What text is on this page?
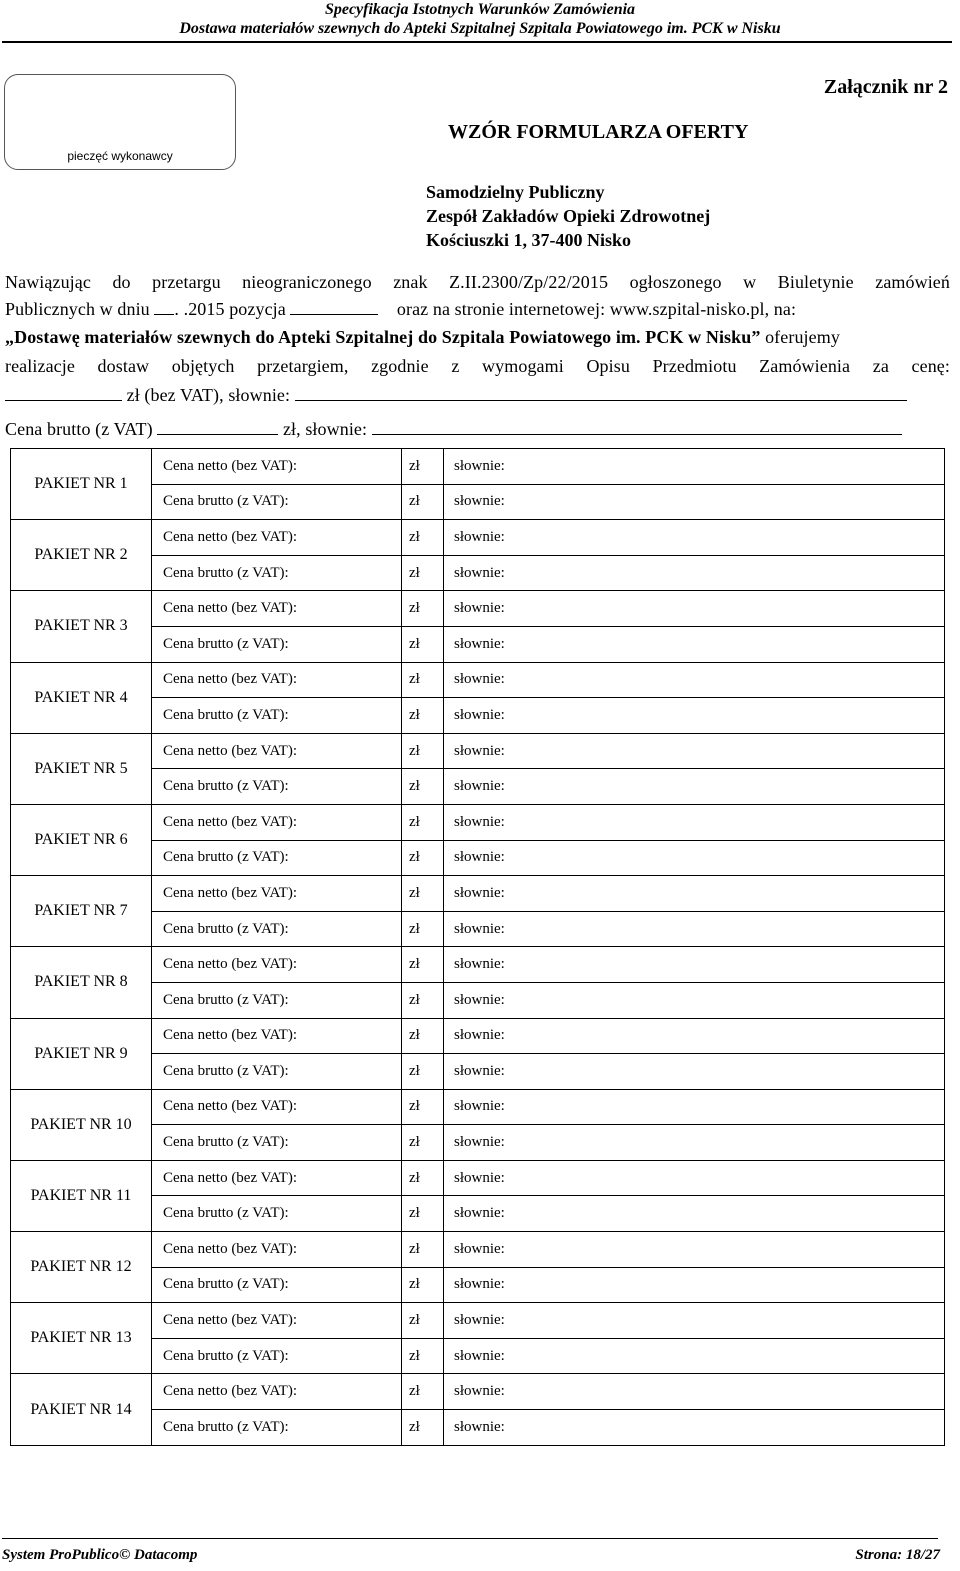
Specyfikacja Istotnych Warunków Zamówienia
Dostawa materiałów szewnych do Apteki Szpitalnej Szpitala Powiatowego im. PCK w Nisku
pieczęć wykonawcy
Załącznik nr 2
WZÓR FORMULARZA OFERTY
Samodzielny Publiczny
Zespół Zakładów Opieki Zdrowotnej
Kościuszki 1, 37-400 Nisko
Nawiązując do przetargu nieograniczonego znak Z.II.2300/Zp/22/2015 ogłoszonego w Biuletynie zamówień
Publicznych w dniu . .2015 pozycja	oraz na stronie internetowej: www.szpital-nisko.pl, na:
„Dostawę materiałów szewnych do Apteki Szpitalnej do Szpitala Powiatowego im. PCK w Nisku” oferujemy
realizacje dostaw objętych przetargiem, zgodnie z wymogami Opisu Przedmiotu Zamówienia za cenę:
zł (bez VAT), słownie:
Cena brutto (z VAT)	zł, słownie:
PAKIET NR 1	Cena netto (bez VAT):	zł	słownie:
	Cena brutto (z VAT):	zł	słownie:
PAKIET NR 2	Cena netto (bez VAT):	zł	słownie:
	Cena brutto (z VAT):	zł	słownie:
PAKIET NR 3	Cena netto (bez VAT):	zł	słownie:
	Cena brutto (z VAT):	zł	słownie:
PAKIET NR 4	Cena netto (bez VAT):	zł	słownie:
	Cena brutto (z VAT):	zł	słownie:
PAKIET NR 5	Cena netto (bez VAT):	zł	słownie:
	Cena brutto (z VAT):	zł	słownie:
PAKIET NR 6	Cena netto (bez VAT):	zł	słownie:
	Cena brutto (z VAT):	zł	słownie:
PAKIET NR 7	Cena netto (bez VAT):	zł	słownie:
	Cena brutto (z VAT):	zł	słownie:
PAKIET NR 8	Cena netto (bez VAT):	zł	słownie:
	Cena brutto (z VAT):	zł	słownie:
PAKIET NR 9	Cena netto (bez VAT):	zł	słownie:
	Cena brutto (z VAT):	zł	słownie:
PAKIET NR 10	Cena netto (bez VAT):	zł	słownie:
	Cena brutto (z VAT):	zł	słownie:
PAKIET NR 11	Cena netto (bez VAT):	zł	słownie:
	Cena brutto (z VAT):	zł	słownie:
PAKIET NR 12	Cena netto (bez VAT):	zł	słownie:
	Cena brutto (z VAT):	zł	słownie:
PAKIET NR 13	Cena netto (bez VAT):	zł	słownie:
	Cena brutto (z VAT):	zł	słownie:
PAKIET NR 14	Cena netto (bez VAT):	zł	słownie:
	Cena brutto (z VAT):	zł	słownie:
System ProPublico© Datacomp	Strona: 18/27
